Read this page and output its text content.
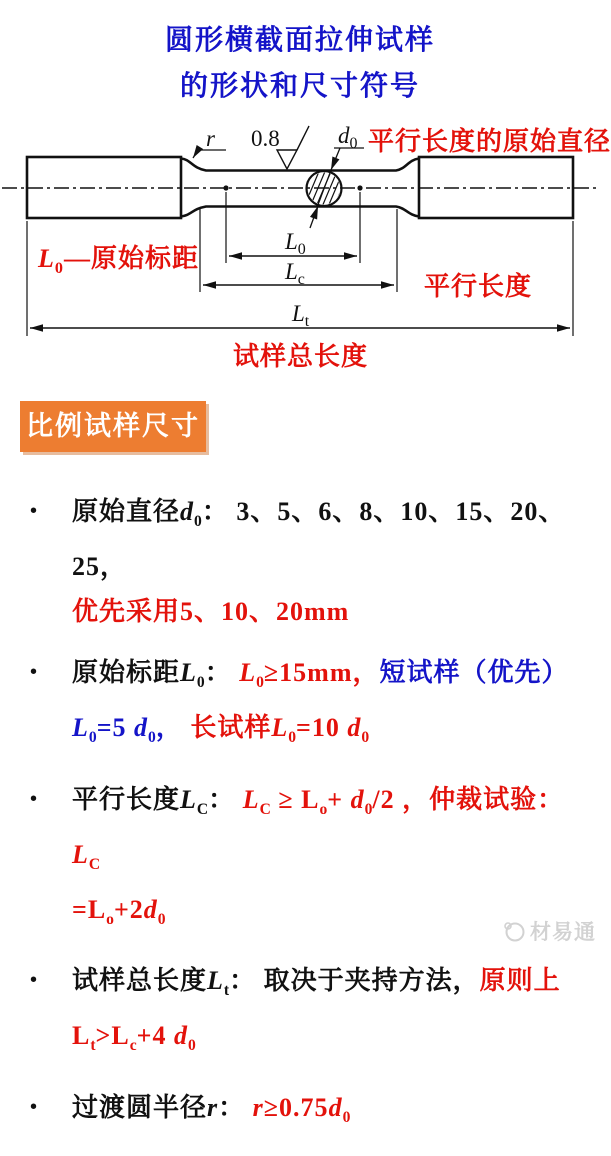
圆形横截面拉伸试样
的形状和尺寸符号
r 0.8	$d_0$
$L_0$
$L_c$
$L_t$
平行长度的原始直径
$L_0—$原始标距
平行长度
试样总长度
比例试样尺寸
•	原始直径$d_0$： 3、5、6、8、10、15、20、25，
优先采用5、10、20mm
•	原始标距$L_0$： $L_0\ge 15mm$，短试样（优先）
$L_0=5$ $d_0$， 长试样$L_0=10$ $d_0$
•	平行长度$L_C$： $L_C \ge L_o+ d_0/2$ ，仲裁试验： $L_C$
$=L_o+2d_0$
•	试样总长度$L_t$： 取决于夹持方法，原则上
$L_t>L_c+4$ $d_0$
•	过渡圆半径r： $r\ge 0.75d_0$
材易通
